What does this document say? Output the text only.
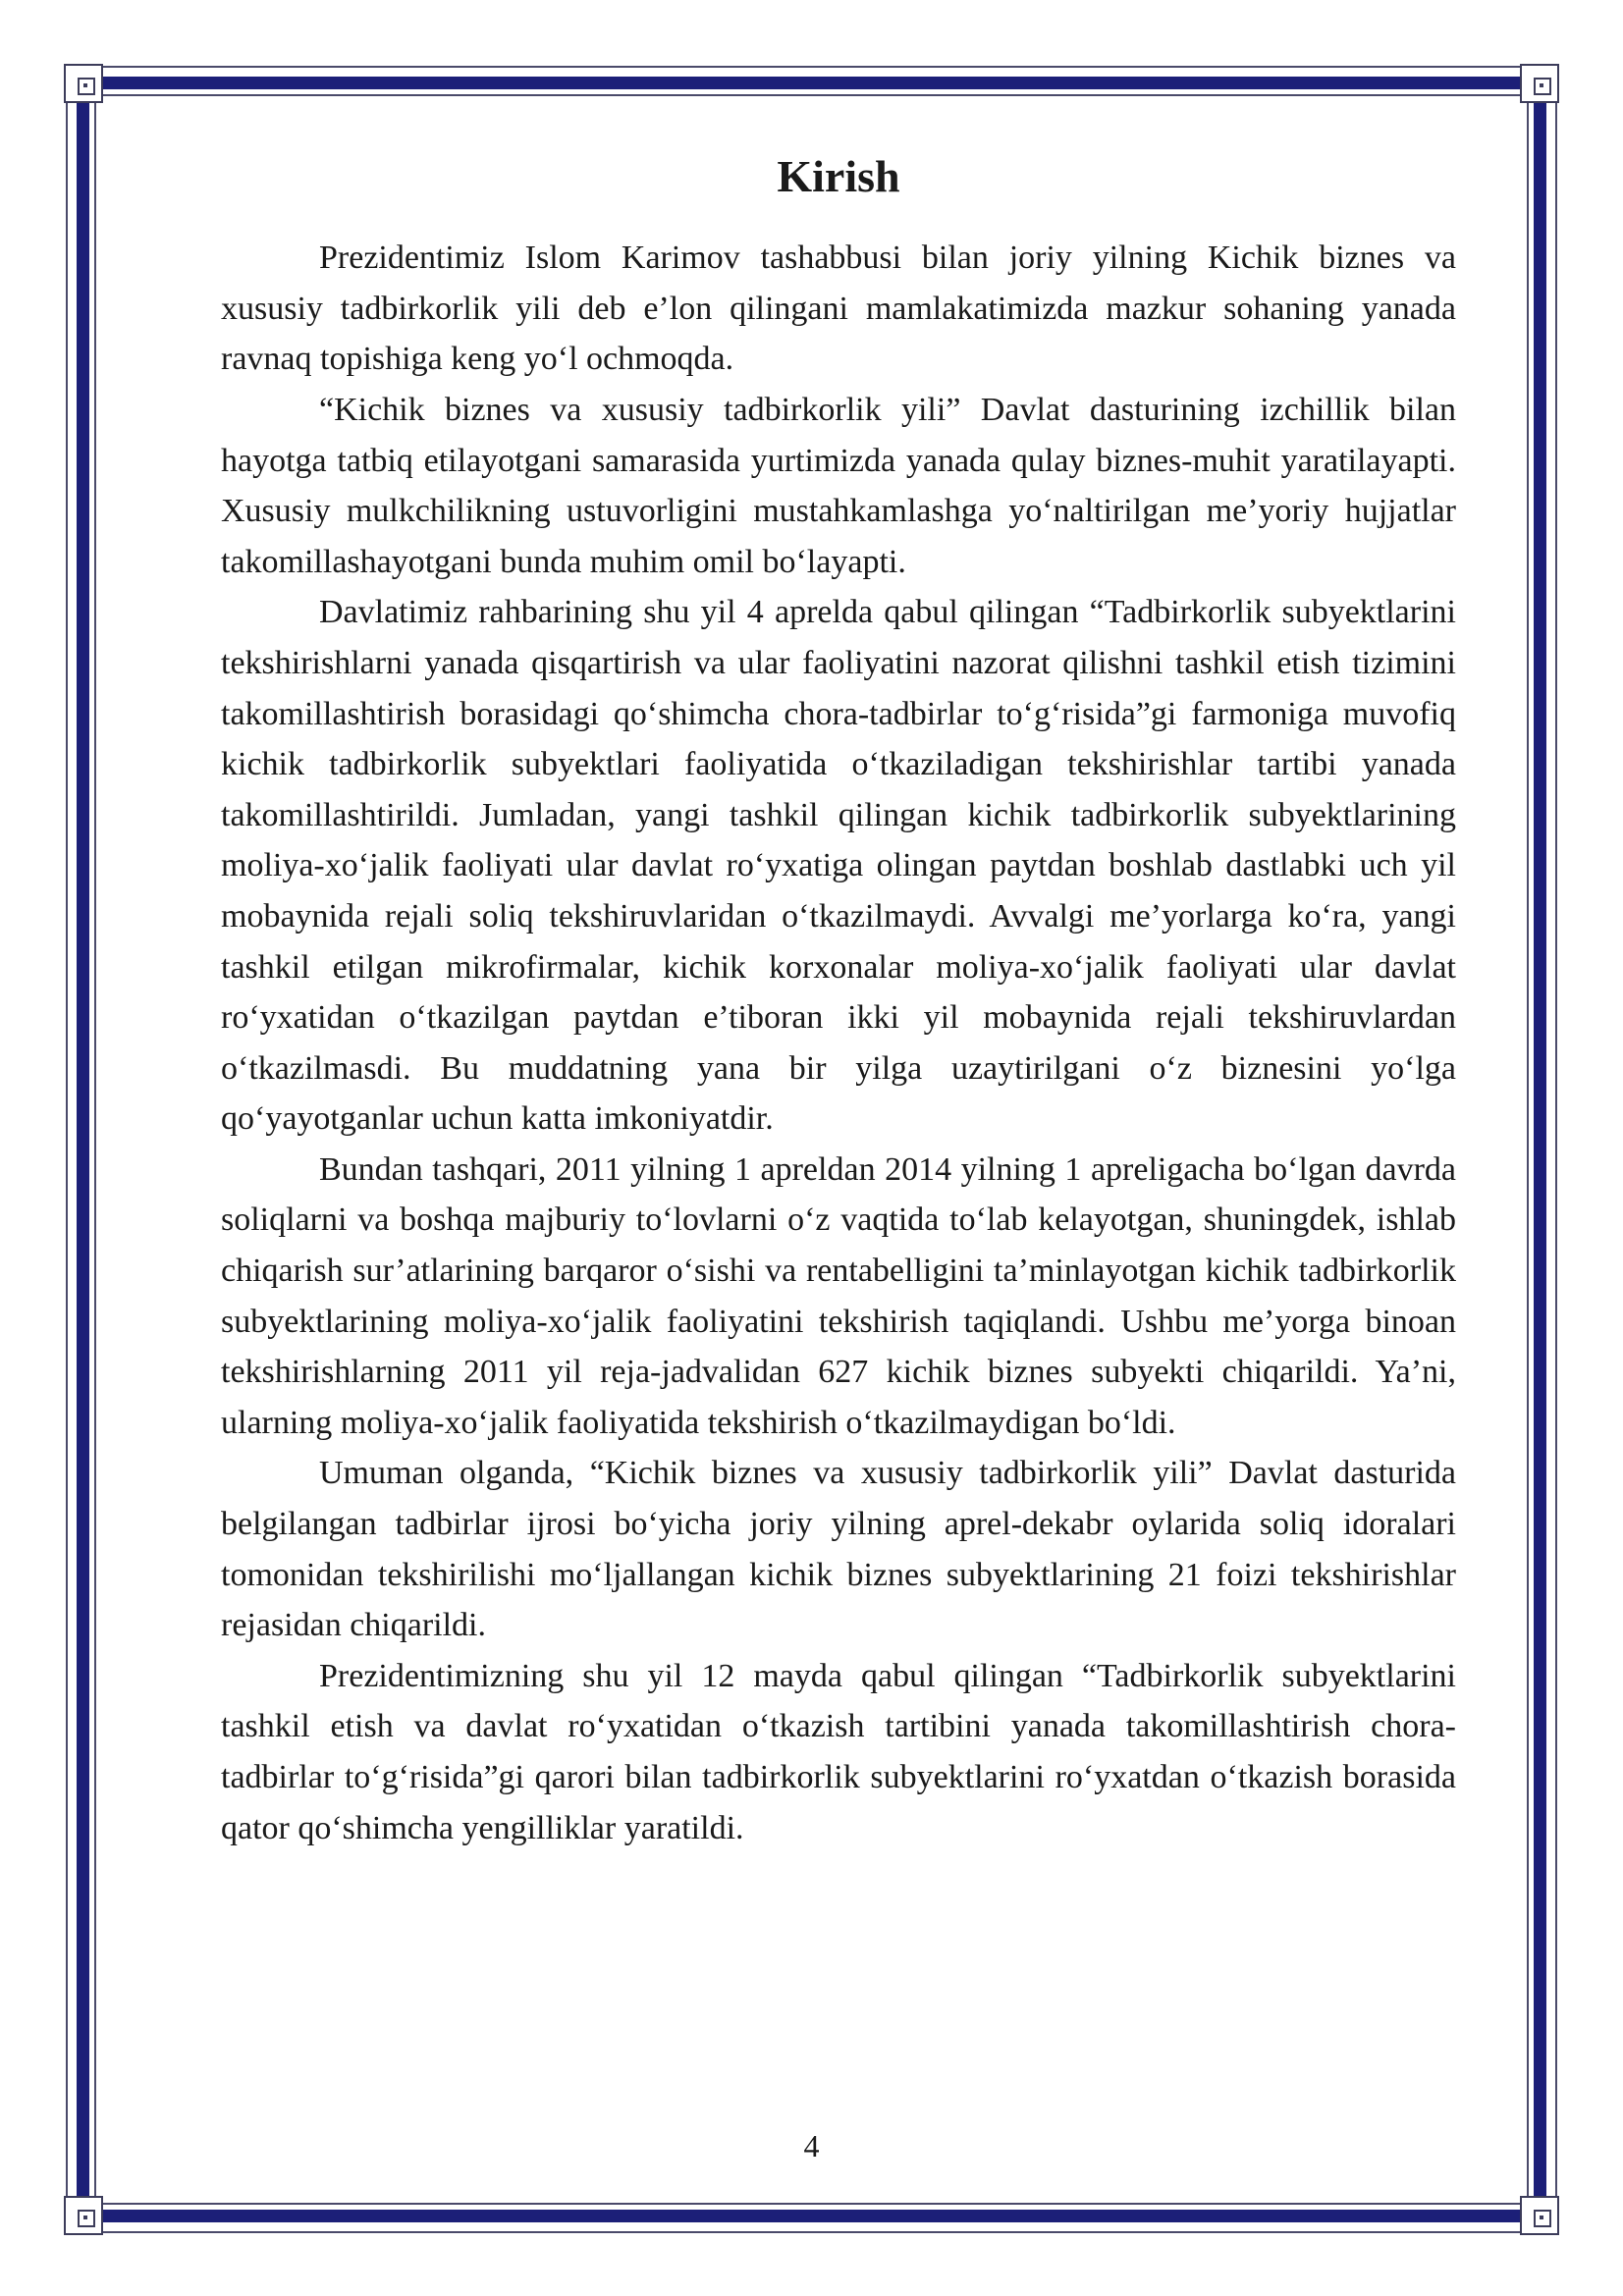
Kirish

Prezidentimiz Islom Karimov tashabbusi bilan joriy yilning Kichik biznes va xususiy tadbirkorlik yili deb e’lon qilingani mamlakatimizda mazkur sohaning yanada ravnaq topishiga keng yo‘l ochmoqda.

“Kichik biznes va xususiy tadbirkorlik yili” Davlat dasturining izchillik bilan hayotga tatbiq etilayotgani samarasida yurtimizda yanada qulay biznes-muhit yaratilayapti. Xususiy mulkchilikning ustuvorligini mustahkamlashga yo‘naltirilgan me’yoriy hujjatlar takomillashayotgani bunda muhim omil bo‘layapti.

Davlatimiz rahbarining shu yil 4 aprelda qabul qilingan “Tadbirkorlik subyektlarini tekshirishlarni yanada qisqartirish va ular faoliyatini nazorat qilishni tashkil etish tizimini takomillashtirish borasidagi qo‘shimcha chora-tadbirlar to‘g‘risida”gi farmoniga muvofiq kichik tadbirkorlik subyektlari faoliyatida o‘tkaziladigan tekshirishlar tartibi yanada takomillashtirildi. Jumladan, yangi tashkil qilingan kichik tadbirkorlik subyektlarining moliya-xo‘jalik faoliyati ular davlat ro‘yxatiga olingan paytdan boshlab dastlabki uch yil mobaynida rejali soliq tekshiruvlaridan o‘tkazilmaydi. Avvalgi me’yorlarga ko‘ra, yangi tashkil etilgan mikrofirmalar, kichik korxonalar moliya-xo‘jalik faoliyati ular davlat ro‘yxatidan o‘tkazilgan paytdan e’tiboran ikki yil mobaynida rejali tekshiruvlardan o‘tkazilmasdi. Bu muddatning yana bir yilga uzaytirilgani o‘z biznesini yo‘lga qo‘yayotganlar uchun katta imkoniyatdir.

Bundan tashqari, 2011 yilning 1 apreldan 2014 yilning 1 apreligacha bo‘lgan davrda soliqlarni va boshqa majburiy to‘lovlarni o‘z vaqtida to‘lab kelayotgan, shuningdek, ishlab chiqarish sur’atlarining barqaror o‘sishi va rentabelligini ta’minlayotgan kichik tadbirkorlik subyektlarining moliya-xo‘jalik faoliyatini tekshirish taqiqlandi. Ushbu me’yorga binoan tekshirishlarning 2011 yil reja-jadvalidan 627 kichik biznes subyekti chiqarildi. Ya’ni, ularning moliya-xo‘jalik faoliyatida tekshirish o‘tkazilmaydigan bo‘ldi.

Umuman olganda, “Kichik biznes va xususiy tadbirkorlik yili” Davlat dasturida belgilangan tadbirlar ijrosi bo‘yicha joriy yilning aprel-dekabr oylarida soliq idoralari tomonidan tekshirilishi mo‘ljallangan kichik biznes subyektlarining 21 foizi tekshirishlar rejasidan chiqarildi.

Prezidentimizning shu yil 12 mayda qabul qilingan “Tadbirkorlik subyektlarini tashkil etish va davlat ro‘yxatidan o‘tkazish tartibini yanada takomillashtirish chora-tadbirlar to‘g‘risida”gi qarori bilan tadbirkorlik subyektlarini ro‘yxatdan o‘tkazish borasida qator qo‘shimcha yengilliklar yaratildi.

4
